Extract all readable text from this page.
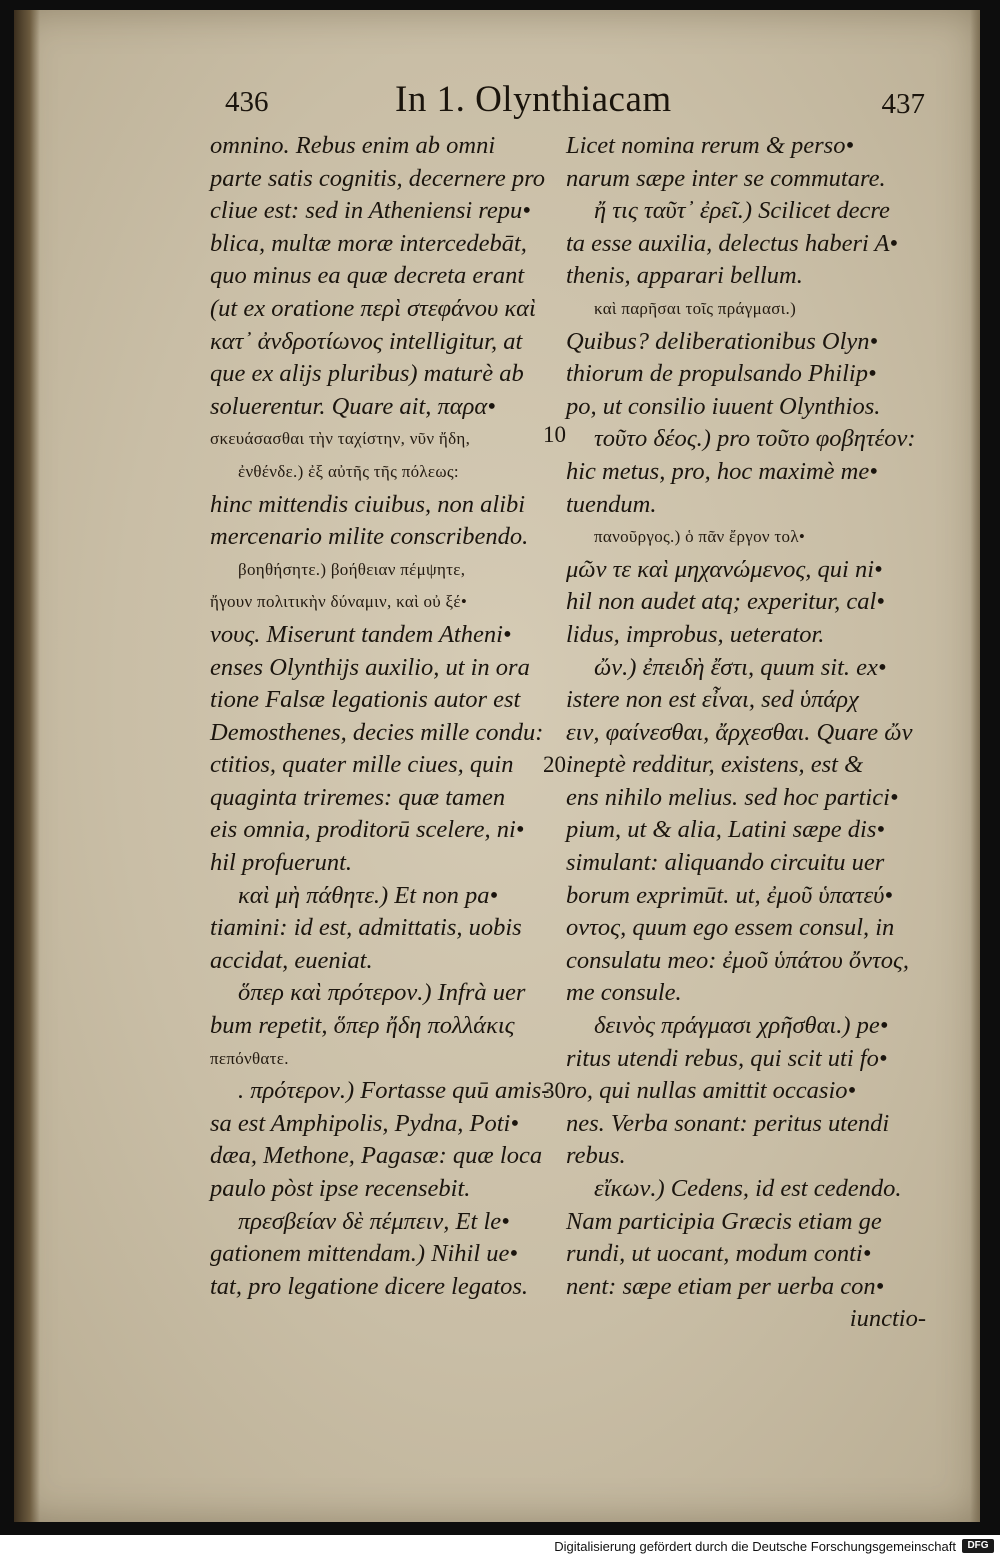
436	In 1. Olynthiacam	437
omnino. Rebus enim ab omni
parte satis cognitis, decernere pro
cliue est: sed in Atheniensi repu•
blica, multæ moræ intercedebāt,
quo minus ea quæ decreta erant
(ut ex oratione περὶ στεφάνου καὶ
κατ᾽ ἀνδροτίωνος intelligitur, at
que ex alijs pluribus) maturè ab
soluerentur. Quare ait, παρα•
σκευάσασθαι τὴν ταχίστην, νῦν ἤδη,
ἐνθένδε.) ἐξ αὐτῆς τῆς πόλεως:
hinc mittendis ciuibus, non alibi
mercenario milite conscribendo.
βοηθήσητε.) βοήθειαν πέμψητε,
ἤγουν πολιτικὴν δύναμιν, καὶ οὐ ξέ•
νους. Miserunt tandem Atheni•
enses Olynthijs auxilio, ut in ora
tione Falsæ legationis autor est
Demosthenes, decies mille condu:
ctitios, quater mille ciues, quin
quaginta triremes: quæ tamen
eis omnia, proditorū scelere, ni•
hil profuerunt.
καὶ μὴ πάθητε.) Et non pa•
tiamini: id est, admittatis, uobis
accidat, eueniat.
ὅπερ καὶ πρότερον.) Infrà uer
bum repetit, ὅπερ ἤδη πολλάκις
πεπόνθατε.
. πρότερον.) Fortasse quū amis-
sa est Amphipolis, Pydna, Poti•
dæa, Methone, Pagasæ: quæ loca
paulo pòst ipse recensebit.
πρεσβείαν δὲ πέμπειν, Et le•
gationem mittendam.) Nihil ue•
tat, pro legatione dicere legatos.
Licet nomina rerum & perso•
narum sæpe inter se commutare.
ἤ τις ταῦτ᾽ ἐρεῖ.) Scilicet decre
ta esse auxilia, delectus haberi A•
thenis, apparari bellum.
καὶ παρῆσαι τοῖς πράγμασι.)
Quibus? deliberationibus Olyn•
thiorum de propulsando Philip•
po, ut consilio iuuent Olynthios.
τοῦτο δέος.) pro τοῦτο φοβητέον:
hic metus, pro, hoc maximè me•
tuendum.
πανοῦργος.) ὁ πᾶν ἔργον τολ•
μῶν τε καὶ μηχανώμενος, qui ni•
hil non audet atq; experitur, cal•
lidus, improbus, ueterator.
ὤν.) ἐπειδὴ ἔστι, quum sit. ex•
istere non est εἶναι, sed ὑπάρχ
ειν, φαίνεσθαι, ἄρχεσθαι. Quare ὤν
ineptè redditur, existens, est &
ens nihilo melius. sed hoc partici•
pium, ut & alia, Latini sæpe dis•
simulant: aliquando circuitu uer
borum exprimūt. ut, ἐμοῦ ὑπατεύ•
οντος, quum ego essem consul, in
consulatu meo: ἐμοῦ ὑπάτου ὄντος,
me consule.
δεινὸς πράγμασι χρῆσθαι.) pe•
ritus utendi rebus, qui scit uti fo•
ro, qui nullas amittit occasio•
nes. Verba sonant: peritus utendi
rebus.
εἴκων.) Cedens, id est cedendo.
Nam participia Græcis etiam ge
rundi, ut uocant, modum conti•
nent: sæpe etiam per uerba con•
iunctio-
10
20
30
Digitalisierung gefördert durch die Deutsche Forschungsgemeinschaft	DFG
